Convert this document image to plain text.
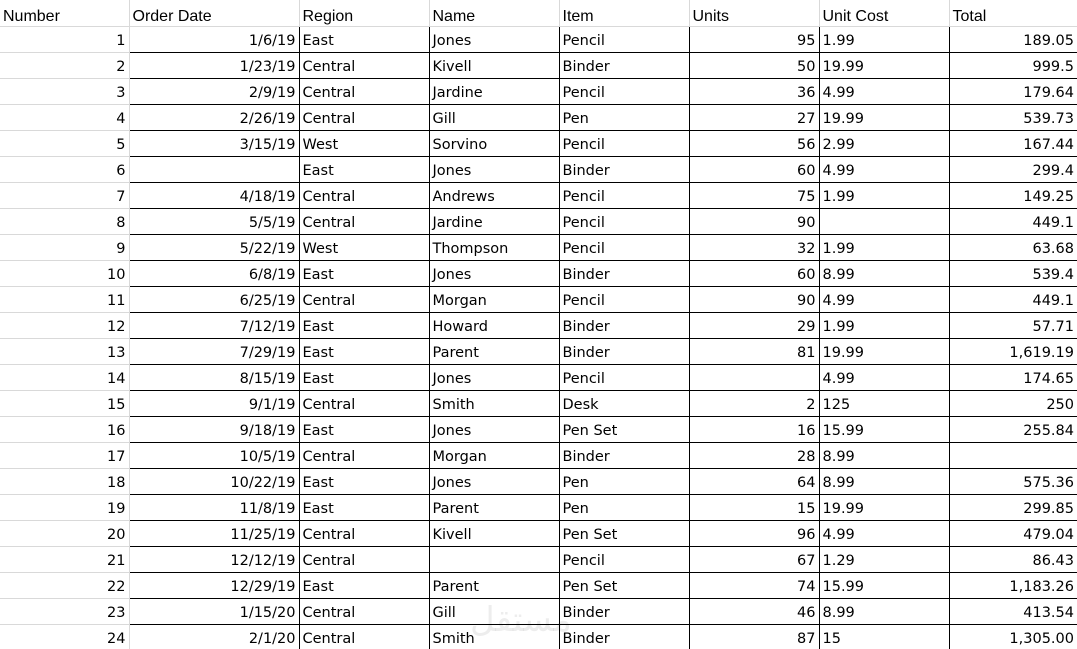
Number	Order Date	Region	Name	Item	Units	Unit Cost	Total
1	1/6/19	East	Jones	Pencil	95	1.99	189.05
2	1/23/19	Central	Kivell	Binder	50	19.99	999.5
3	2/9/19	Central	Jardine	Pencil	36	4.99	179.64
4	2/26/19	Central	Gill	Pen	27	19.99	539.73
5	3/15/19	West	Sorvino	Pencil	56	2.99	167.44
6		East	Jones	Binder	60	4.99	299.4
7	4/18/19	Central	Andrews	Pencil	75	1.99	149.25
8	5/5/19	Central	Jardine	Pencil	90		449.1
9	5/22/19	West	Thompson	Pencil	32	1.99	63.68
10	6/8/19	East	Jones	Binder	60	8.99	539.4
11	6/25/19	Central	Morgan	Pencil	90	4.99	449.1
12	7/12/19	East	Howard	Binder	29	1.99	57.71
13	7/29/19	East	Parent	Binder	81	19.99	1,619.19
14	8/15/19	East	Jones	Pencil		4.99	174.65
15	9/1/19	Central	Smith	Desk	2	125	250
16	9/18/19	East	Jones	Pen Set	16	15.99	255.84
17	10/5/19	Central	Morgan	Binder	28	8.99	
18	10/22/19	East	Jones	Pen	64	8.99	575.36
19	11/8/19	East	Parent	Pen	15	19.99	299.85
20	11/25/19	Central	Kivell	Pen Set	96	4.99	479.04
21	12/12/19	Central		Pencil	67	1.29	86.43
22	12/29/19	East	Parent	Pen Set	74	15.99	1,183.26
23	1/15/20	Central	Gill	Binder	46	8.99	413.54
24	2/1/20	Central	Smith	Binder	87	15	1,305.00
مستقل
